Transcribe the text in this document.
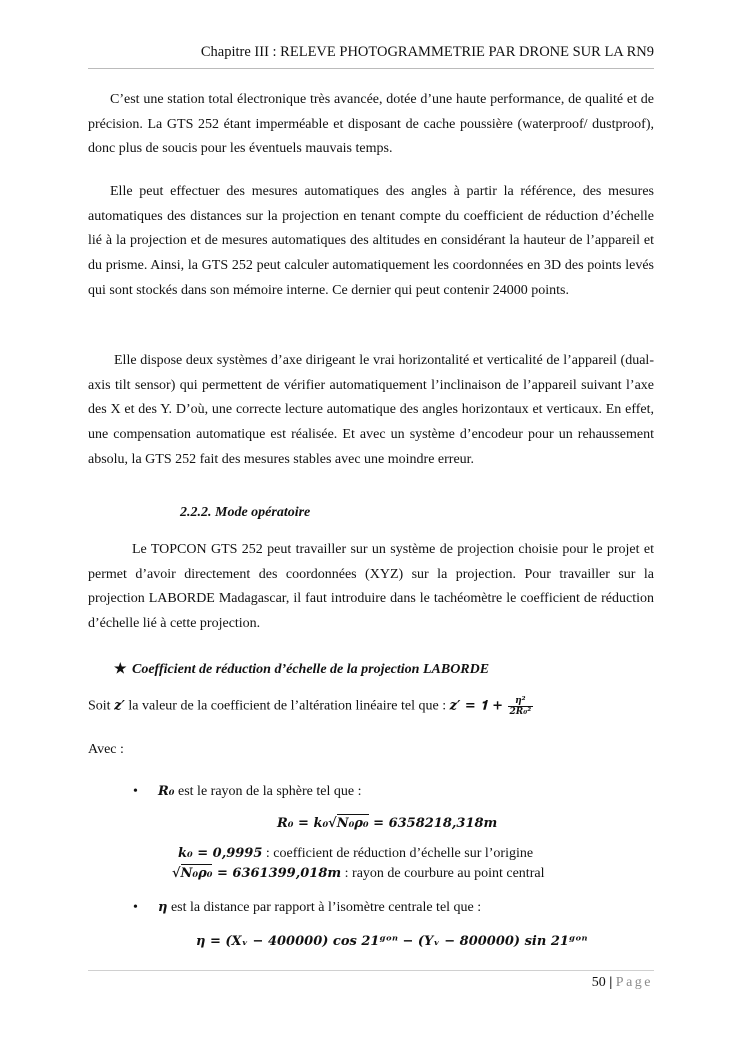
Chapitre III : RELEVE PHOTOGRAMMETRIE PAR DRONE SUR LA RN9

C’est une station total électronique très avancée, dotée d’une haute performance, de qualité et de précision. La GTS 252 étant imperméable et disposant de cache poussière (waterproof/ dustproof), donc plus de soucis pour les éventuels mauvais temps.

Elle peut effectuer des mesures automatiques des angles à partir la référence, des mesures automatiques des distances sur la projection en tenant compte du coefficient de réduction d’échelle lié à la projection et de mesures automatiques des altitudes en considérant la hauteur de l’appareil et du prisme. Ainsi, la GTS 252 peut calculer automatiquement les coordonnées en 3D des points levés qui sont stockés dans son mémoire interne. Ce dernier qui peut contenir 24000 points.

Elle dispose deux systèmes d’axe dirigeant le vrai horizontalité et verticalité de l’appareil (dual-axis tilt sensor) qui permettent de vérifier automatiquement l’inclinaison de l’appareil suivant l’axe des X et des Y. D’où, une correcte lecture automatique des angles horizontaux et verticaux. En effet, une compensation automatique est réalisée. Et avec un système d’encodeur pour un rehaussement absolu, la GTS 252 fait des mesures stables avec une moindre erreur.

2.2.2. Mode opératoire

Le TOPCON GTS 252 peut travailler sur un système de projection choisie pour le projet et permet d’avoir directement des coordonnées (XYZ) sur la projection. Pour travailler sur la projection LABORDE Madagascar, il faut introduire dans le tachéomètre le coefficient de réduction d’échelle lié à cette projection.

★ Coefficient de réduction d’échelle de la projection LABORDE
Soit z′ la valeur de la coefficient de l’altération linéaire tel que : z′ = 𝟏 + $\frac{\text{η²}}{\text{2R₀²}}$
Avec :
• R₀ est le rayon de la sphère tel que :
R₀ = k₀√N₀ρ₀ = 6358218,318m
k₀ = 0,9995 : coefficient de réduction d’échelle sur l’origine
√N₀ρ₀ = 6361399,018m : rayon de courbure au point central
• η est la distance par rapport à l’isomètre centrale tel que :
η = (Xᵥ − 400000) cos 21ᵍᵒⁿ − (Yᵥ − 800000) sin 21ᵍᵒⁿ
50 | Page
